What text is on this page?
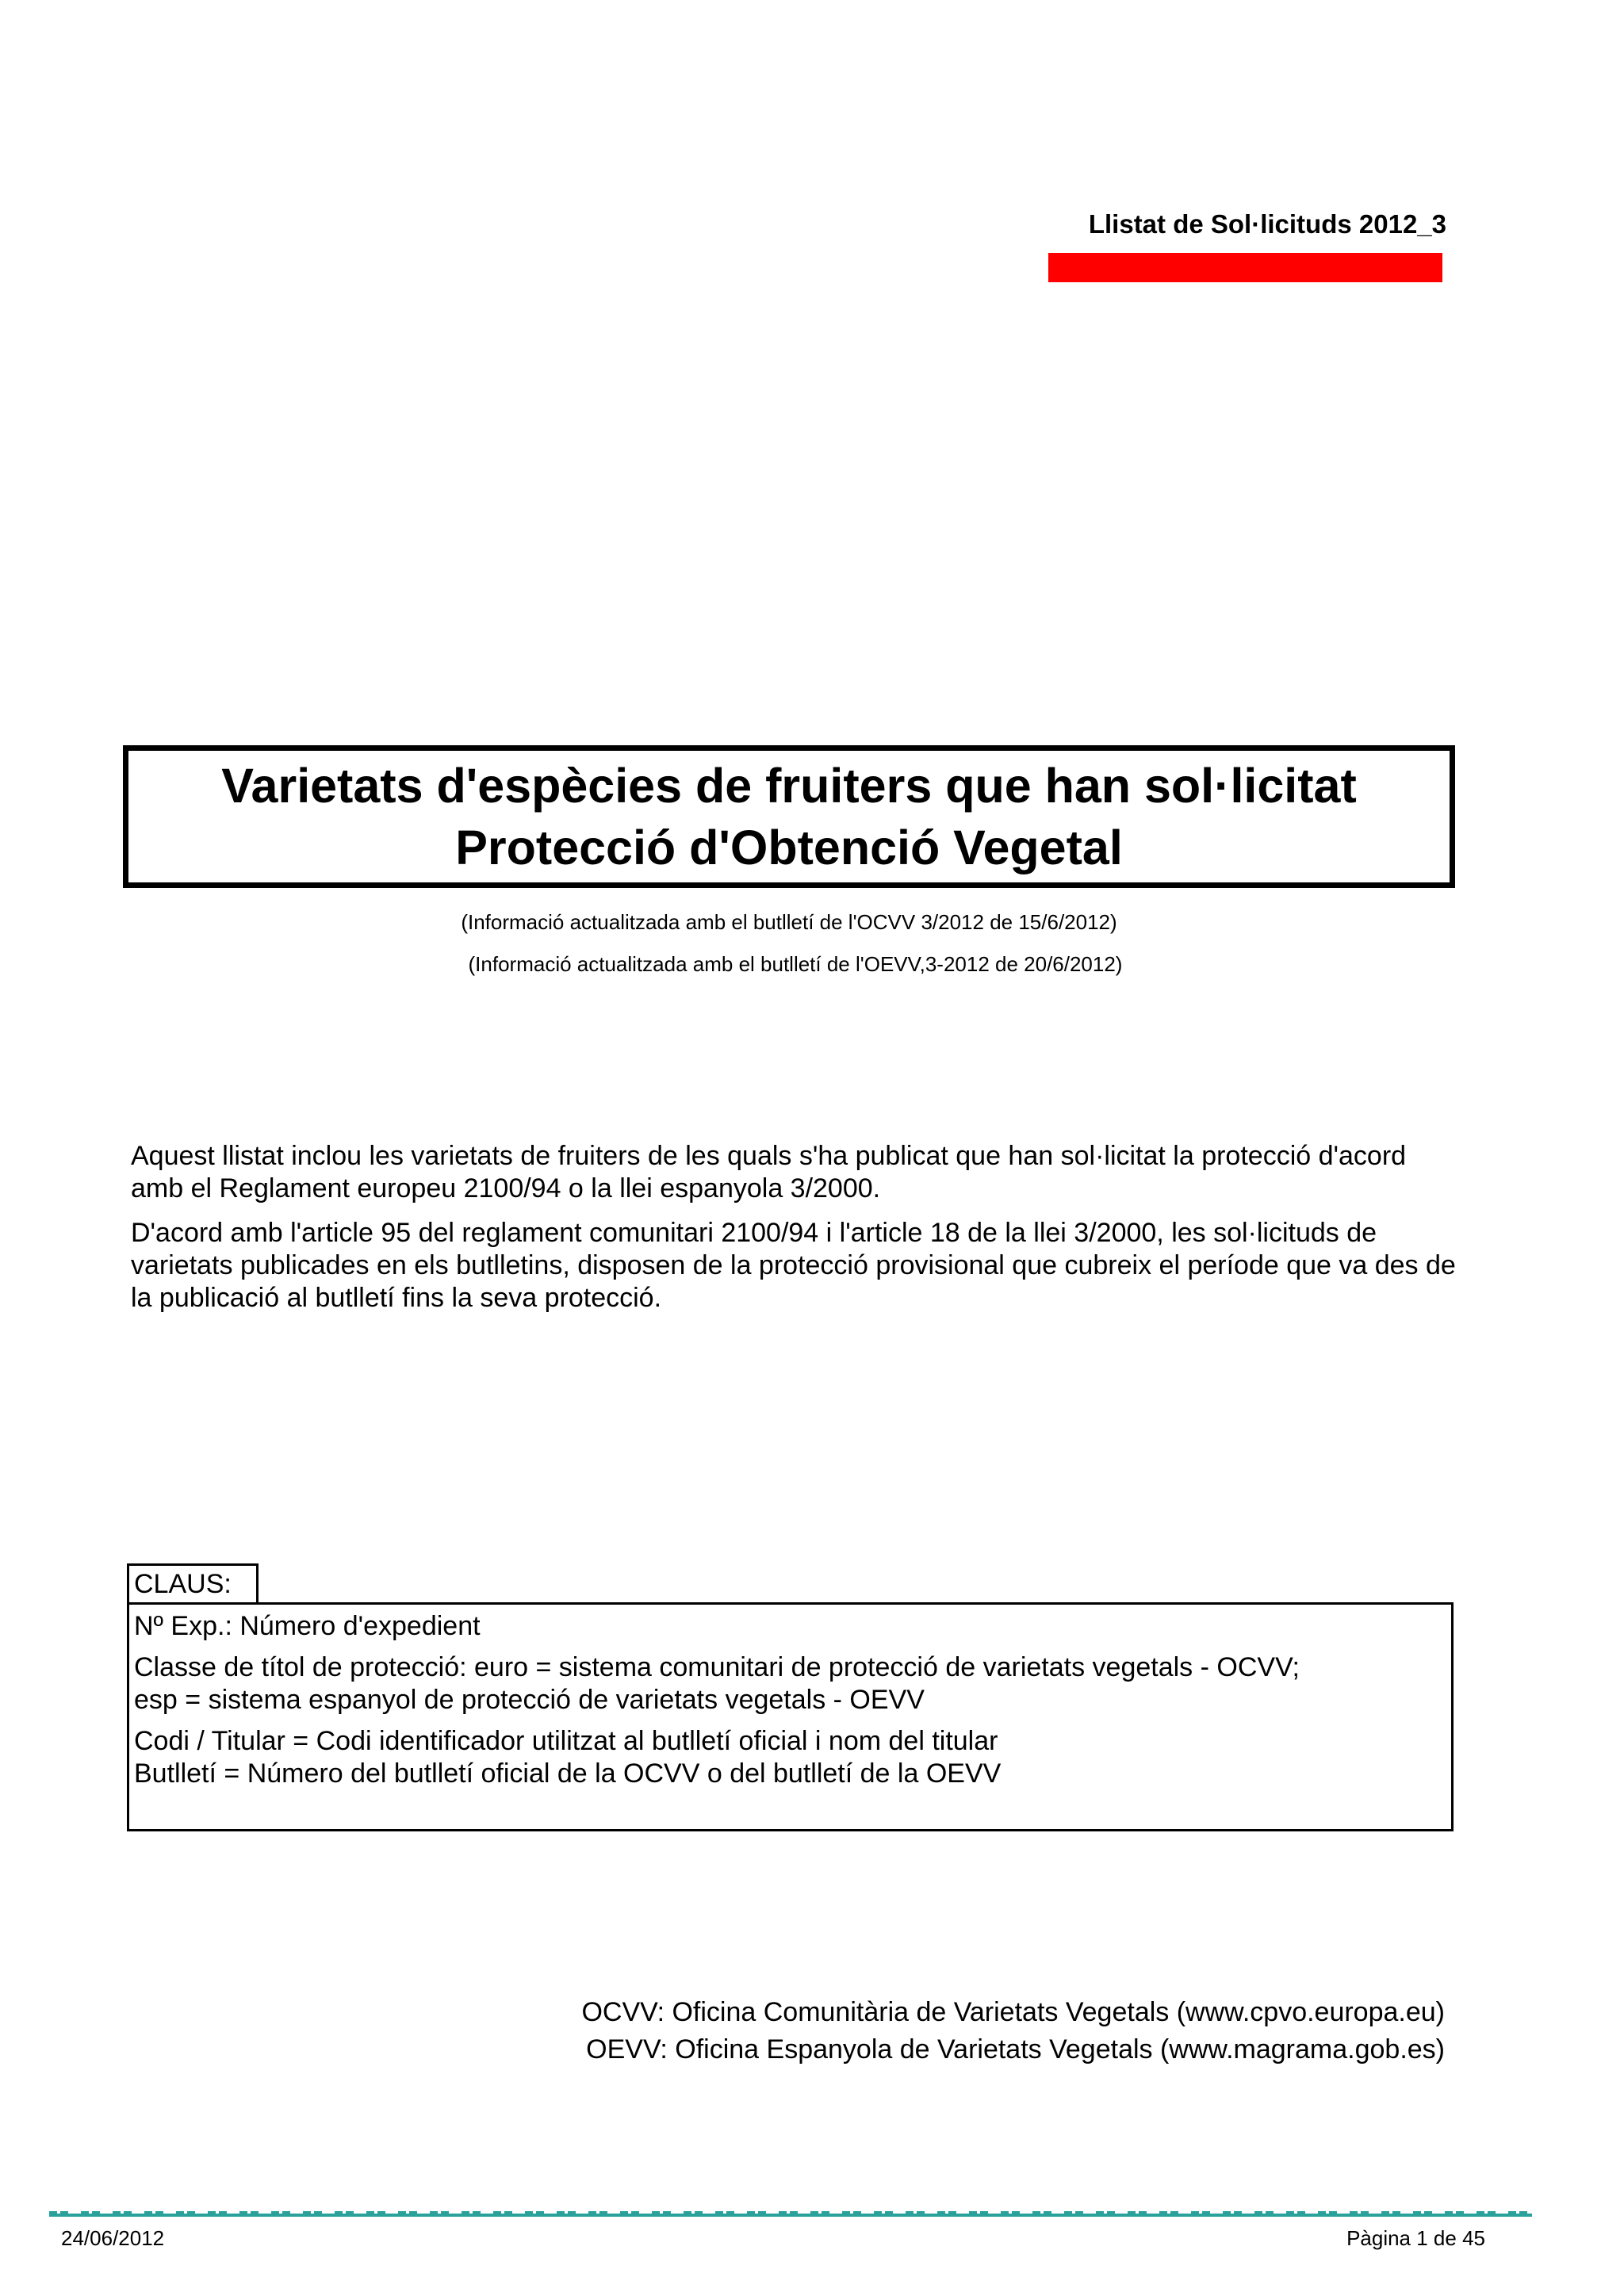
Llistat de Sol·licituds 2012_3
Varietats d'espècies de fruiters que han sol·licitat
Protecció d'Obtenció Vegetal
(Informació actualitzada amb el butlletí de l'OCVV 3/2012 de 15/6/2012)
(Informació actualitzada amb el butlletí de l'OEVV,3-2012 de 20/6/2012)
Aquest llistat inclou les varietats de fruiters de les quals s'ha publicat que han sol·licitat la protecció d'acord amb el Reglament europeu 2100/94 o la llei espanyola 3/2000.
D'acord amb l'article 95 del reglament comunitari 2100/94 i l'article 18 de la llei 3/2000, les sol·licituds de varietats publicades en els butlletins, disposen de la protecció provisional que cubreix el període que va des de la publicació al butlletí fins la seva protecció.
CLAUS:
Nº Exp.: Número d'expedient
Classe de títol de protecció: euro = sistema comunitari de protecció de varietats vegetals - OCVV;
esp = sistema espanyol de protecció de varietats vegetals - OEVV
Codi / Titular = Codi identificador utilitzat al butlletí oficial i nom del titular
Butlletí = Número del butlletí oficial de la OCVV o del butlletí de la OEVV
OCVV: Oficina Comunitària de Varietats Vegetals (www.cpvo.europa.eu)
OEVV: Oficina Espanyola de Varietats Vegetals (www.magrama.gob.es)
24/06/2012	Pàgina 1 de 45
